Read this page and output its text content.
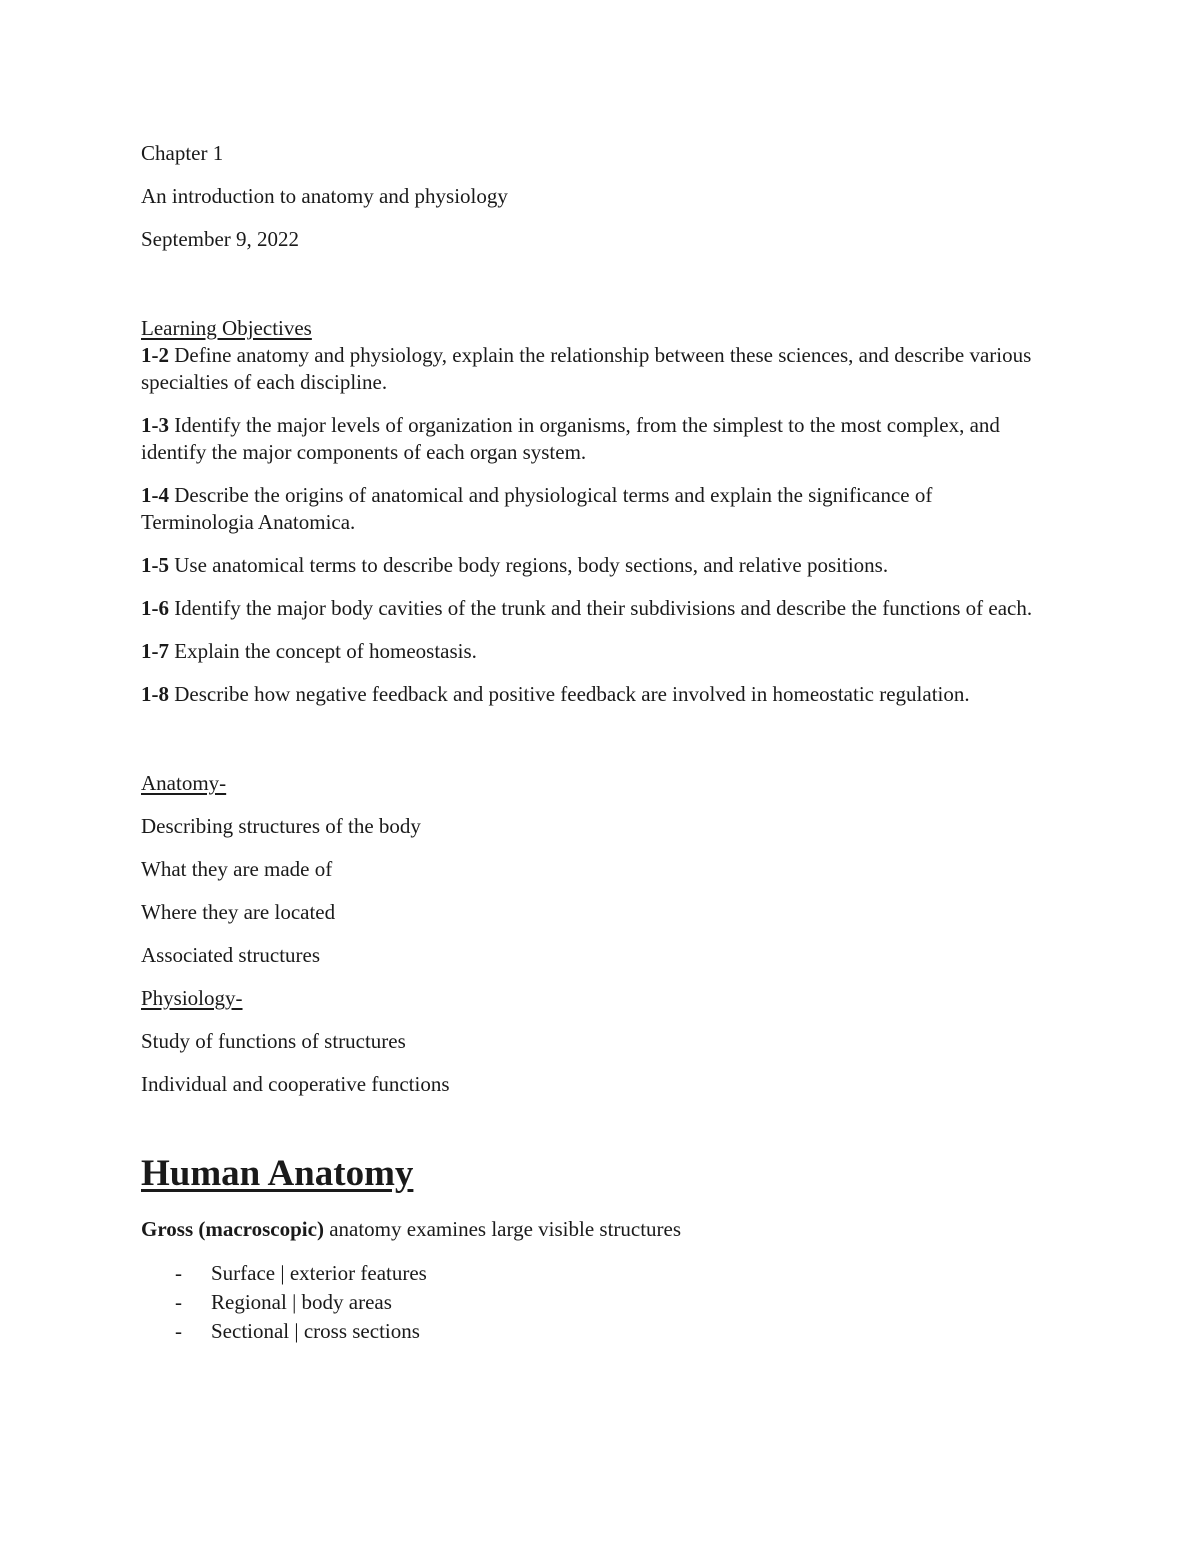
Chapter 1

An introduction to anatomy and physiology

September 9, 2022

Learning Objectives

1-2 Define anatomy and physiology, explain the relationship between these sciences, and describe various specialties of each discipline.

1-3 Identify the major levels of organization in organisms, from the simplest to the most complex, and identify the major components of each organ system.

1-4 Describe the origins of anatomical and physiological terms and explain the significance of Terminologia Anatomica.

1-5 Use anatomical terms to describe body regions, body sections, and relative positions.

1-6 Identify the major body cavities of the trunk and their subdivisions and describe the functions of each.

1-7 Explain the concept of homeostasis.

1-8 Describe how negative feedback and positive feedback are involved in homeostatic regulation.

Anatomy-

Describing structures of the body

What they are made of

Where they are located

Associated structures

Physiology-

Study of functions of structures

Individual and cooperative functions

Human Anatomy

Gross (macroscopic) anatomy examines large visible structures

- Surface | exterior features
- Regional | body areas
- Sectional | cross sections
